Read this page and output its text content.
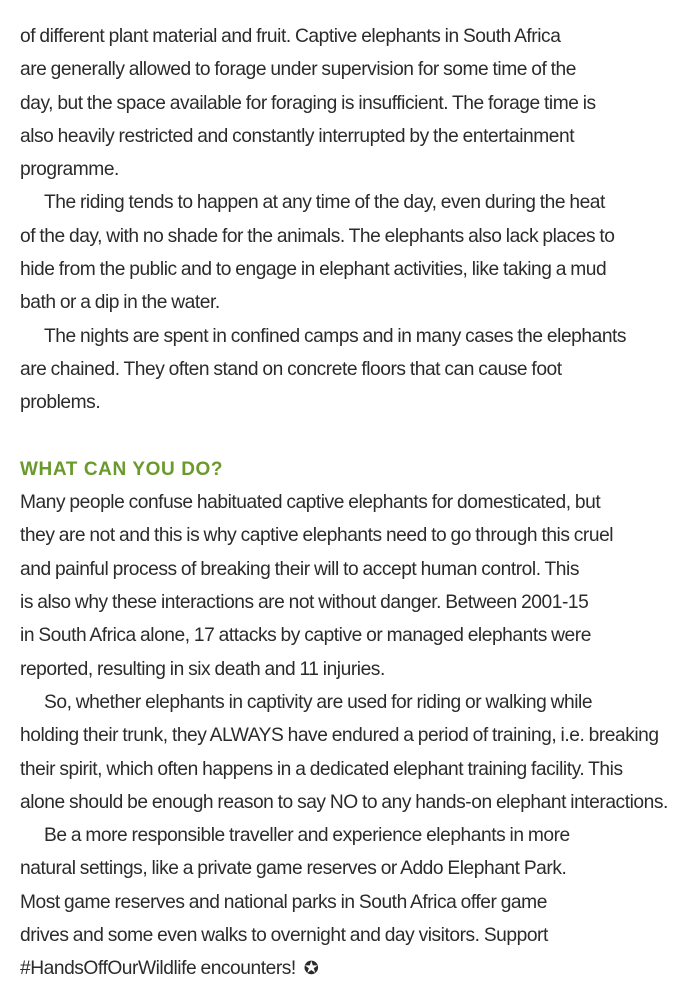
of different plant material and fruit. Captive elephants in South Africa
are generally allowed to forage under supervision for some time of the
day, but the space available for foraging is insufficient. The forage time is
also heavily restricted and constantly interrupted by the entertainment
programme.
The riding tends to happen at any time of the day, even during the heat
of the day, with no shade for the animals. The elephants also lack places to
hide from the public and to engage in elephant activities, like taking a mud
bath or a dip in the water.
The nights are spent in confined camps and in many cases the elephants
are chained. They often stand on concrete floors that can cause foot
problems.
WHAT CAN YOU DO?
Many people confuse habituated captive elephants for domesticated, but
they are not and this is why captive elephants need to go through this cruel
and painful process of breaking their will to accept human control. This
is also why these interactions are not without danger. Between 2001-15
in South Africa alone, 17 attacks by captive or managed elephants were
reported, resulting in six death and 11 injuries.
So, whether elephants in captivity are used for riding or walking while
holding their trunk, they ALWAYS have endured a period of training, i.e. breaking
their spirit, which often happens in a dedicated elephant training facility. This
alone should be enough reason to say NO to any hands-on elephant interactions.
Be a more responsible traveller and experience elephants in more
natural settings, like a private game reserves or Addo Elephant Park.
Most game reserves and national parks in South Africa offer game
drives and some even walks to overnight and day visitors. Support
#HandsOffOurWildlife encounters! ✪
